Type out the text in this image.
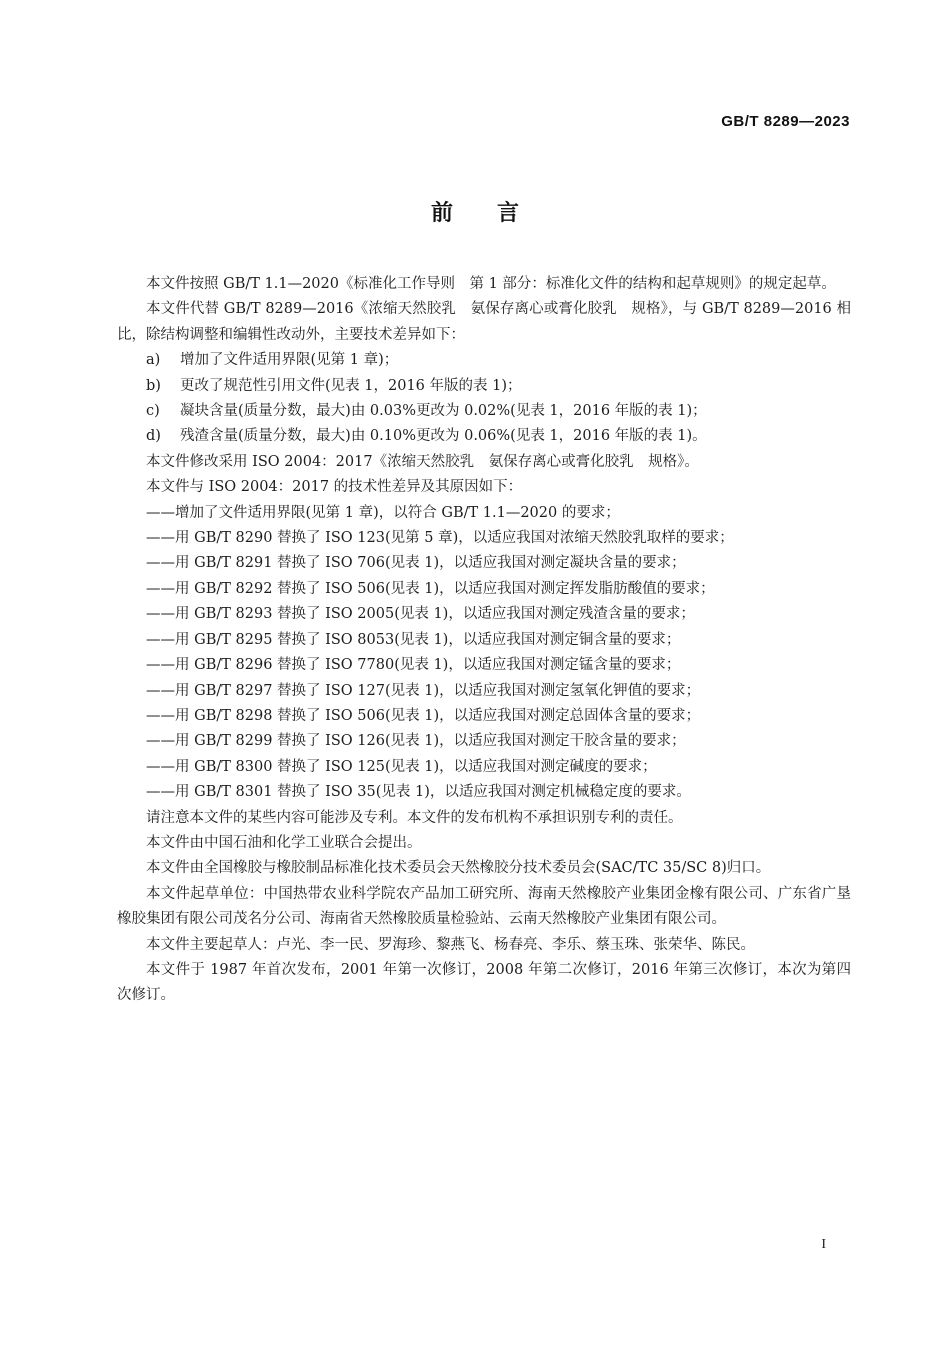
GB/T 8289—2023
前言

本文件按照 GB/T 1.1—2020《标准化工作导则　第 1 部分：标准化文件的结构和起草规则》的规定起草。

本文件代替 GB/T 8289—2016《浓缩天然胶乳　氨保存离心或膏化胶乳　规格》，与 GB/T 8289—2016 相比，除结构调整和编辑性改动外，主要技术差异如下：

a) 增加了文件适用界限(见第 1 章)；
b) 更改了规范性引用文件(见表 1，2016 年版的表 1)；
c) 凝块含量(质量分数，最大)由 0.03%更改为 0.02%(见表 1，2016 年版的表 1)；
d) 残渣含量(质量分数，最大)由 0.10%更改为 0.06%(见表 1，2016 年版的表 1)。

本文件修改采用 ISO 2004：2017《浓缩天然胶乳　氨保存离心或膏化胶乳　规格》。

本文件与 ISO 2004：2017 的技术性差异及其原因如下：

——增加了文件适用界限(见第 1 章)，以符合 GB/T 1.1—2020 的要求；

——用 GB/T 8290 替换了 ISO 123(见第 5 章)，以适应我国对浓缩天然胶乳取样的要求；

——用 GB/T 8291 替换了 ISO 706(见表 1)，以适应我国对测定凝块含量的要求；

——用 GB/T 8292 替换了 ISO 506(见表 1)，以适应我国对测定挥发脂肪酸值的要求；

——用 GB/T 8293 替换了 ISO 2005(见表 1)，以适应我国对测定残渣含量的要求；

——用 GB/T 8295 替换了 ISO 8053(见表 1)，以适应我国对测定铜含量的要求；

——用 GB/T 8296 替换了 ISO 7780(见表 1)，以适应我国对测定锰含量的要求；

——用 GB/T 8297 替换了 ISO 127(见表 1)，以适应我国对测定氢氧化钾值的要求；

——用 GB/T 8298 替换了 ISO 506(见表 1)，以适应我国对测定总固体含量的要求；

——用 GB/T 8299 替换了 ISO 126(见表 1)，以适应我国对测定干胶含量的要求；

——用 GB/T 8300 替换了 ISO 125(见表 1)，以适应我国对测定碱度的要求；

——用 GB/T 8301 替换了 ISO 35(见表 1)，以适应我国对测定机械稳定度的要求。

请注意本文件的某些内容可能涉及专利。本文件的发布机构不承担识别专利的责任。

本文件由中国石油和化学工业联合会提出。

本文件由全国橡胶与橡胶制品标准化技术委员会天然橡胶分技术委员会(SAC/TC 35/SC 8)归口。

本文件起草单位：中国热带农业科学院农产品加工研究所、海南天然橡胶产业集团金橡有限公司、广东省广垦橡胶集团有限公司茂名分公司、海南省天然橡胶质量检验站、云南天然橡胶产业集团有限公司。

本文件主要起草人：卢光、李一民、罗海珍、黎燕飞、杨春亮、李乐、蔡玉珠、张荣华、陈民。

本文件于 1987 年首次发布，2001 年第一次修订，2008 年第二次修订，2016 年第三次修订，本次为第四次修订。

I
